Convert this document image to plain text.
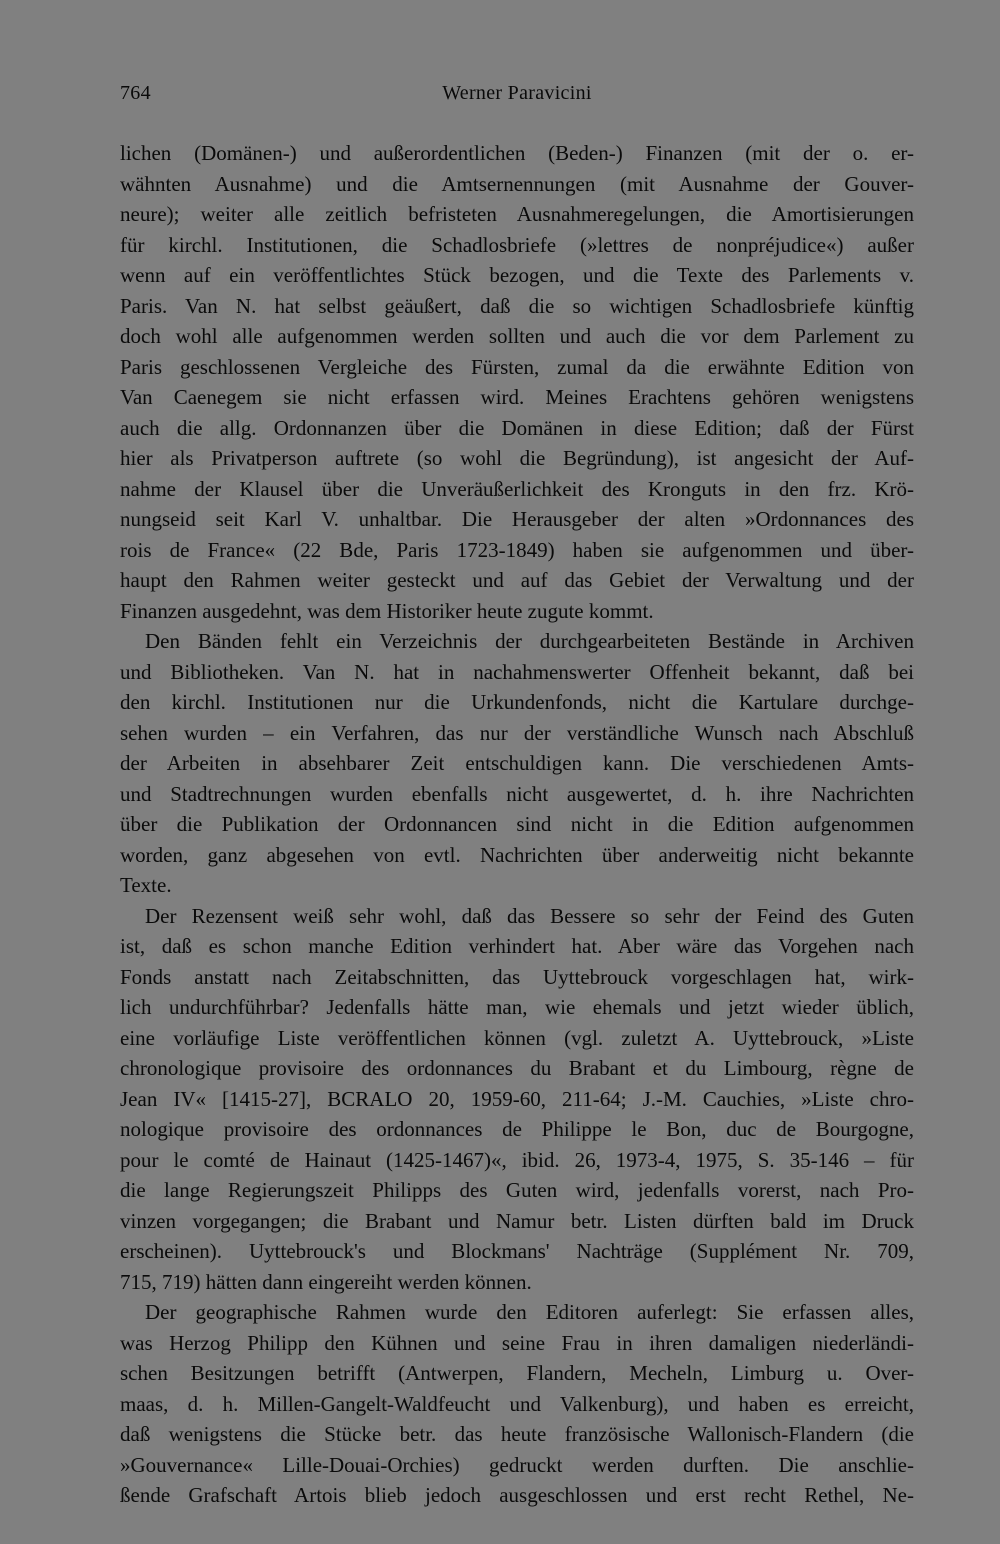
764	Werner Paravicini
lichen (Domänen-) und außerordentlichen (Beden-) Finanzen (mit der o. er-
wähnten Ausnahme) und die Amtsernennungen (mit Ausnahme der Gouver-
neure); weiter alle zeitlich befristeten Ausnahmeregelungen, die Amortisierungen
für kirchl. Institutionen, die Schadlosbriefe (»lettres de nonpréjudice«) außer
wenn auf ein veröffentlichtes Stück bezogen, und die Texte des Parlements v.
Paris. Van N. hat selbst geäußert, daß die so wichtigen Schadlosbriefe künftig
doch wohl alle aufgenommen werden sollten und auch die vor dem Parlement zu
Paris geschlossenen Vergleiche des Fürsten, zumal da die erwähnte Edition von
Van Caenegem sie nicht erfassen wird. Meines Erachtens gehören wenigstens
auch die allg. Ordonnanzen über die Domänen in diese Edition; daß der Fürst
hier als Privatperson auftrete (so wohl die Begründung), ist angesicht der Auf-
nahme der Klausel über die Unveräußerlichkeit des Kronguts in den frz. Krö-
nungseid seit Karl V. unhaltbar. Die Herausgeber der alten »Ordonnances des
rois de France« (22 Bde, Paris 1723-1849) haben sie aufgenommen und über-
haupt den Rahmen weiter gesteckt und auf das Gebiet der Verwaltung und der
Finanzen ausgedehnt, was dem Historiker heute zugute kommt.
Den Bänden fehlt ein Verzeichnis der durchgearbeiteten Bestände in Archiven
und Bibliotheken. Van N. hat in nachahmenswerter Offenheit bekannt, daß bei
den kirchl. Institutionen nur die Urkundenfonds, nicht die Kartulare durchge-
sehen wurden – ein Verfahren, das nur der verständliche Wunsch nach Abschluß
der Arbeiten in absehbarer Zeit entschuldigen kann. Die verschiedenen Amts-
und Stadtrechnungen wurden ebenfalls nicht ausgewertet, d. h. ihre Nachrichten
über die Publikation der Ordonnancen sind nicht in die Edition aufgenommen
worden, ganz abgesehen von evtl. Nachrichten über anderweitig nicht bekannte
Texte.
Der Rezensent weiß sehr wohl, daß das Bessere so sehr der Feind des Guten
ist, daß es schon manche Edition verhindert hat. Aber wäre das Vorgehen nach
Fonds anstatt nach Zeitabschnitten, das Uyttebrouck vorgeschlagen hat, wirk-
lich undurchführbar? Jedenfalls hätte man, wie ehemals und jetzt wieder üblich,
eine vorläufige Liste veröffentlichen können (vgl. zuletzt A. Uyttebrouck, »Liste
chronologique provisoire des ordonnances du Brabant et du Limbourg, règne de
Jean IV« [1415-27], BCRALO 20, 1959-60, 211-64; J.-M. Cauchies, »Liste chro-
nologique provisoire des ordonnances de Philippe le Bon, duc de Bourgogne,
pour le comté de Hainaut (1425-1467)«, ibid. 26, 1973-4, 1975, S. 35-146 – für
die lange Regierungszeit Philipps des Guten wird, jedenfalls vorerst, nach Pro-
vinzen vorgegangen; die Brabant und Namur betr. Listen dürften bald im Druck
erscheinen). Uyttebrouck's und Blockmans' Nachträge (Supplément Nr. 709,
715, 719) hätten dann eingereiht werden können.
Der geographische Rahmen wurde den Editoren auferlegt: Sie erfassen alles,
was Herzog Philipp den Kühnen und seine Frau in ihren damaligen niederländi-
schen Besitzungen betrifft (Antwerpen, Flandern, Mecheln, Limburg u. Over-
maas, d. h. Millen-Gangelt-Waldfeucht und Valkenburg), und haben es erreicht,
daß wenigstens die Stücke betr. das heute französische Wallonisch-Flandern (die
»Gouvernance« Lille-Douai-Orchies) gedruckt werden durften. Die anschlie-
ßende Grafschaft Artois blieb jedoch ausgeschlossen und erst recht Rethel, Ne-
